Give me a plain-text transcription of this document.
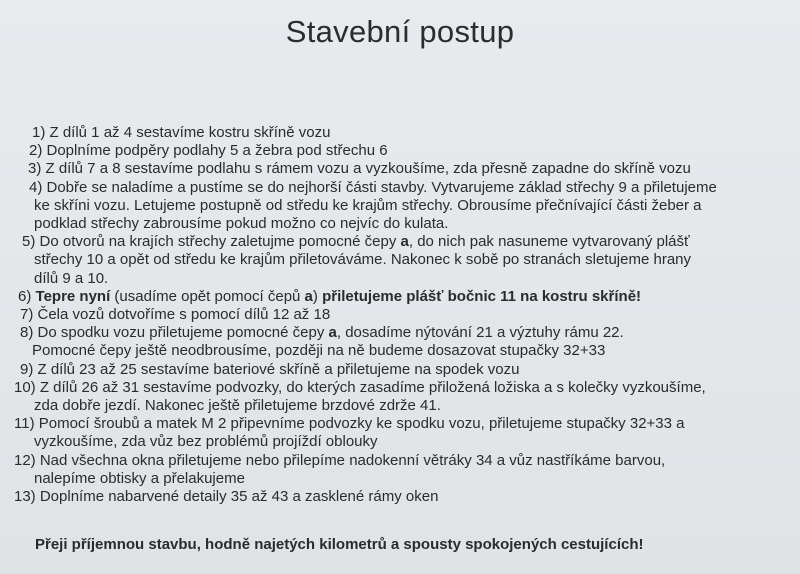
Stavební postup
1) Z dílů 1 až 4 sestavíme kostru skříně vozu
2) Doplníme podpěry podlahy 5 a žebra pod střechu 6
3) Z dílů 7 a 8 sestavíme podlahu s rámem vozu a vyzkoušíme, zda přesně zapadne do skříně vozu
4) Dobře se naladíme a pustíme se do nejhorší části stavby. Vytvarujeme základ střechy 9 a přiletujeme
ke skříni vozu. Letujeme postupně od středu ke krajům střechy. Obrousíme přečnívající části žeber a
podklad střechy zabrousíme pokud možno co nejvíc do kulata.
5) Do otvorů na krajích střechy zaletujme pomocné čepy a, do nich pak nasuneme vytvarovaný plášť
střechy 10 a opět od středu ke krajům přiletováváme. Nakonec k sobě po stranách sletujeme hrany
dílů 9 a 10.
6) Tepre nyní (usadíme opět pomocí čepů a) přiletujeme plášť bočnic 11 na kostru skříně!
7) Čela vozů dotvoříme s pomocí dílů 12 až 18
8) Do spodku vozu přiletujeme pomocné čepy a, dosadíme nýtování 21 a výztuhy rámu 22.
Pomocné čepy ještě neodbrousíme, později na ně budeme dosazovat stupačky 32+33
9) Z dílů 23 až 25 sestavíme bateriové skříně a přiletujeme na spodek vozu
10) Z dílů 26 až 31 sestavíme podvozky, do kterých zasadíme přiložená ložiska a s kolečky vyzkoušíme,
zda dobře jezdí. Nakonec ještě přiletujeme brzdové zdrže 41.
11) Pomocí šroubů a matek M 2 připevníme podvozky ke spodku vozu, přiletujeme stupačky 32+33 a
vyzkoušíme, zda vůz bez problémů projíždí oblouky
12) Nad všechna okna přiletujeme nebo přilepíme nadokenní větráky 34 a vůz nastříkáme barvou,
nalepíme obtisky a přelakujeme
13) Doplníme nabarvené detaily 35 až 43 a zasklené rámy oken
Přeji příjemnou stavbu, hodně najetých kilometrů a spousty spokojených cestujících!
